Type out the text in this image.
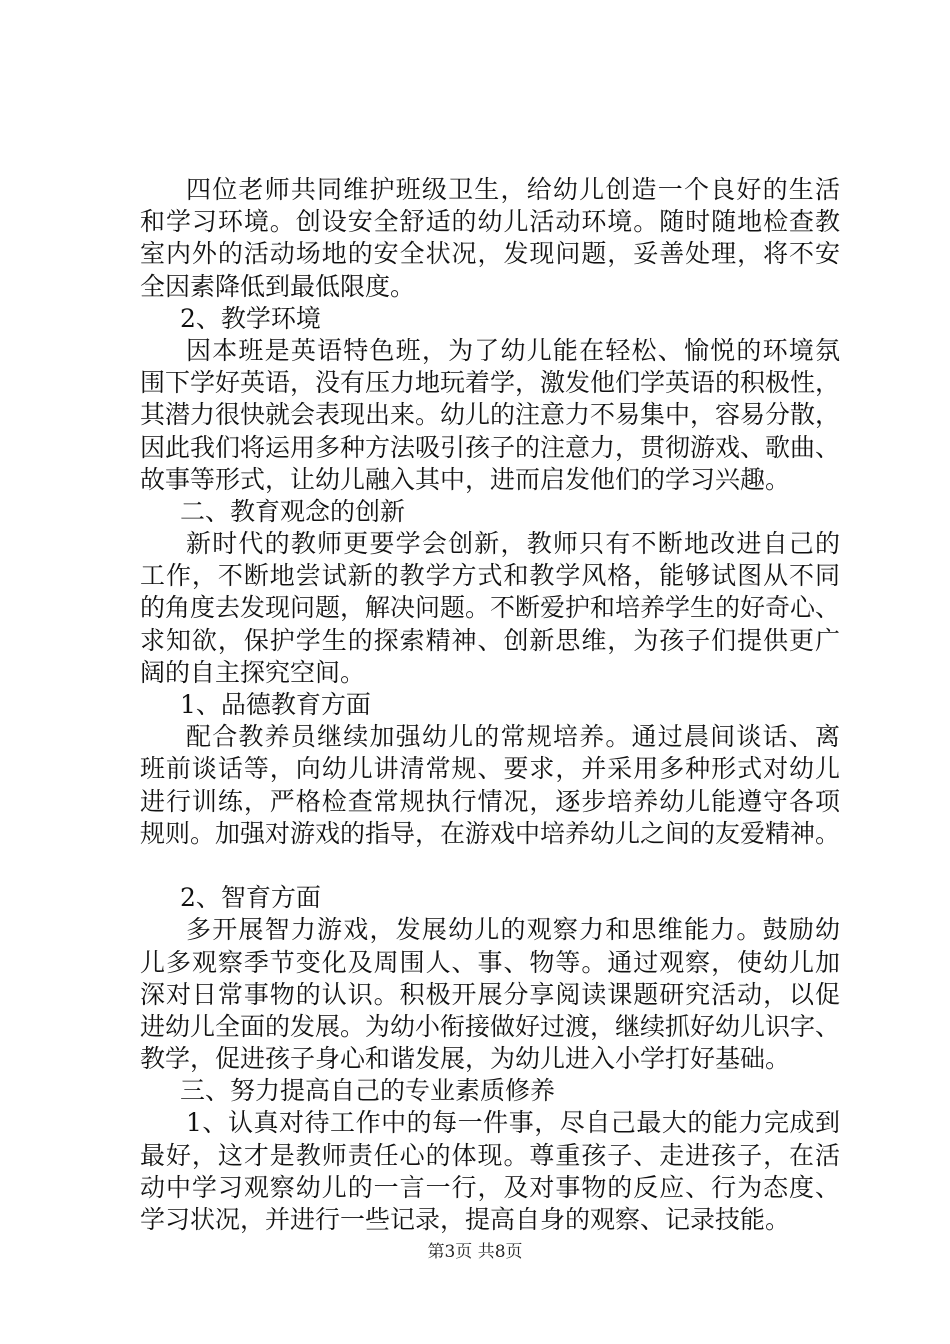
四位老师共同维护班级卫生，给幼儿创造一个良好的生活
和学习环境。创设安全舒适的幼儿活动环境。随时随地检查教
室内外的活动场地的安全状况，发现问题，妥善处理，将不安
全因素降低到最低限度。
2、教学环境
因本班是英语特色班，为了幼儿能在轻松、愉悦的环境氛
围下学好英语，没有压力地玩着学，激发他们学英语的积极性，
其潜力很快就会表现出来。幼儿的注意力不易集中，容易分散，
因此我们将运用多种方法吸引孩子的注意力，贯彻游戏、歌曲、
故事等形式，让幼儿融入其中，进而启发他们的学习兴趣。
二、教育观念的创新
新时代的教师更要学会创新，教师只有不断地改进自己的
工作，不断地尝试新的教学方式和教学风格，能够试图从不同
的角度去发现问题，解决问题。不断爱护和培养学生的好奇心、
求知欲，保护学生的探索精神、创新思维，为孩子们提供更广
阔的自主探究空间。
1、品德教育方面
配合教养员继续加强幼儿的常规培养。通过晨间谈话、离
班前谈话等，向幼儿讲清常规、要求，并采用多种形式对幼儿
进行训练，严格检查常规执行情况，逐步培养幼儿能遵守各项
规则。加强对游戏的指导，在游戏中培养幼儿之间的友爱精神。
2、智育方面
多开展智力游戏，发展幼儿的观察力和思维能力。鼓励幼
儿多观察季节变化及周围人、事、物等。通过观察，使幼儿加
深对日常事物的认识。积极开展分享阅读课题研究活动，以促
进幼儿全面的发展。为幼小衔接做好过渡，继续抓好幼儿识字、
教学，促进孩子身心和谐发展，为幼儿进入小学打好基础。
三、努力提高自己的专业素质修养
1、认真对待工作中的每一件事，尽自己最大的能力完成到
最好，这才是教师责任心的体现。尊重孩子、走进孩子，在活
动中学习观察幼儿的一言一行，及对事物的反应、行为态度、
学习状况，并进行一些记录，提高自身的观察、记录技能。
第3页 共8页
